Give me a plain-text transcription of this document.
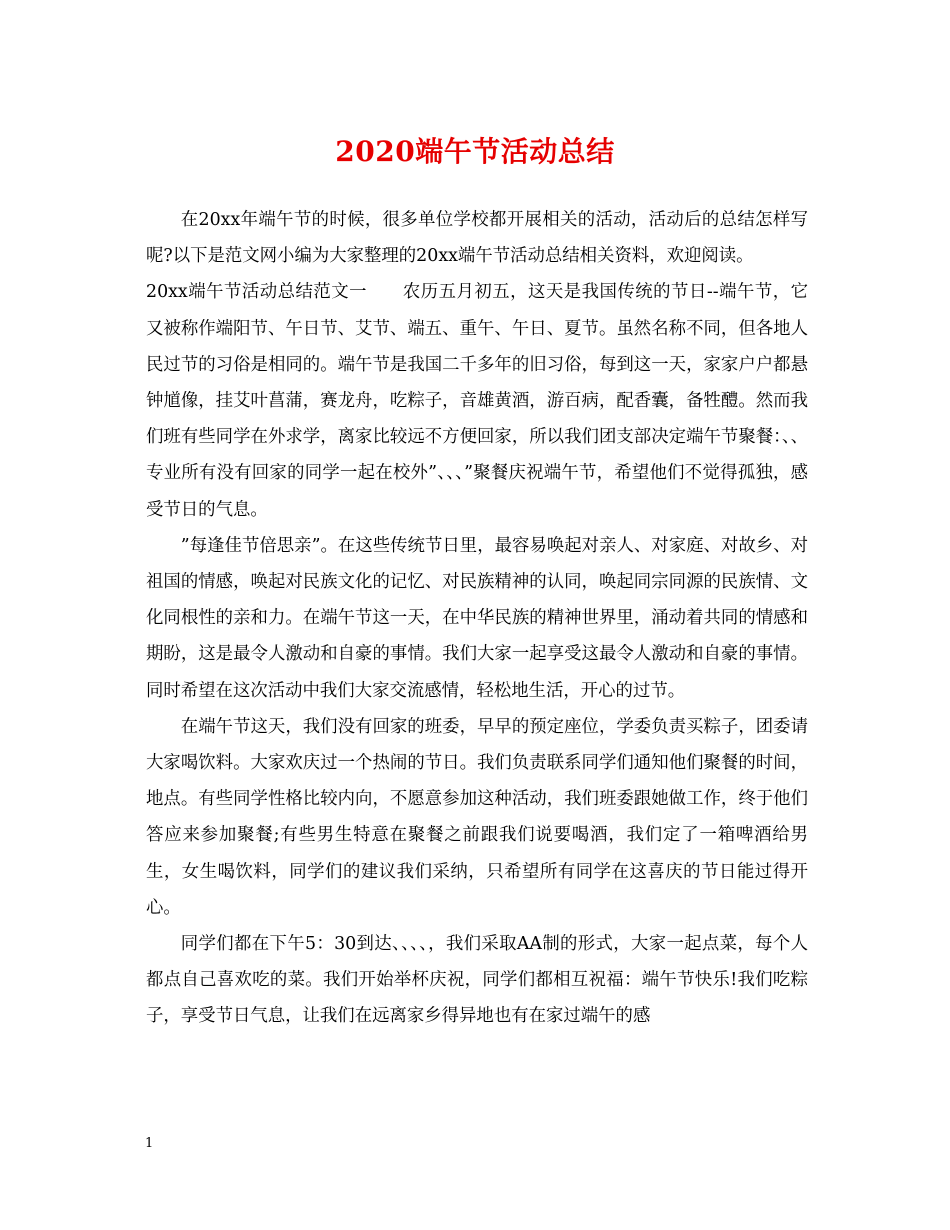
2020端午节活动总结

在20xx年端午节的时候，很多单位学校都开展相关的活动，活动后的总结怎样写呢?以下是范文网小编为大家整理的20xx端午节活动总结相关资料，欢迎阅读。

20xx端午节活动总结范文一　　农历五月初五，这天是我国传统的节日--端午节，它又被称作端阳节、午日节、艾节、端五、重午、午日、夏节。虽然名称不同，但各地人民过节的习俗是相同的。端午节是我国二千多年的旧习俗，每到这一天，家家户户都悬钟馗像，挂艾叶菖蒲，赛龙舟，吃粽子，音雄黄酒，游百病，配香囊，备牲醴。然而我们班有些同学在外求学，离家比较远不方便回家，所以我们团支部决定端午节聚餐：、、专业所有没有回家的同学一起在校外”、、、”聚餐庆祝端午节，希望他们不觉得孤独，感受节日的气息。

”每逢佳节倍思亲”。在这些传统节日里，最容易唤起对亲人、对家庭、对故乡、对祖国的情感，唤起对民族文化的记忆、对民族精神的认同，唤起同宗同源的民族情、文化同根性的亲和力。在端午节这一天，在中华民族的精神世界里，涌动着共同的情感和期盼，这是最令人激动和自豪的事情。我们大家一起享受这最令人激动和自豪的事情。同时希望在这次活动中我们大家交流感情，轻松地生活，开心的过节。

在端午节这天，我们没有回家的班委，早早的预定座位，学委负责买粽子，团委请大家喝饮料。大家欢庆过一个热闹的节日。我们负责联系同学们通知他们聚餐的时间，地点。有些同学性格比较内向，不愿意参加这种活动，我们班委跟她做工作，终于他们答应来参加聚餐;有些男生特意在聚餐之前跟我们说要喝酒，我们定了一箱啤酒给男生，女生喝饮料，同学们的建议我们采纳，只希望所有同学在这喜庆的节日能过得开心。

同学们都在下午5：30到达、、、、，我们采取AA制的形式，大家一起点菜，每个人都点自己喜欢吃的菜。我们开始举杯庆祝，同学们都相互祝福：端午节快乐!我们吃粽子，享受节日气息，让我们在远离家乡得异地也有在家过端午的感

1
